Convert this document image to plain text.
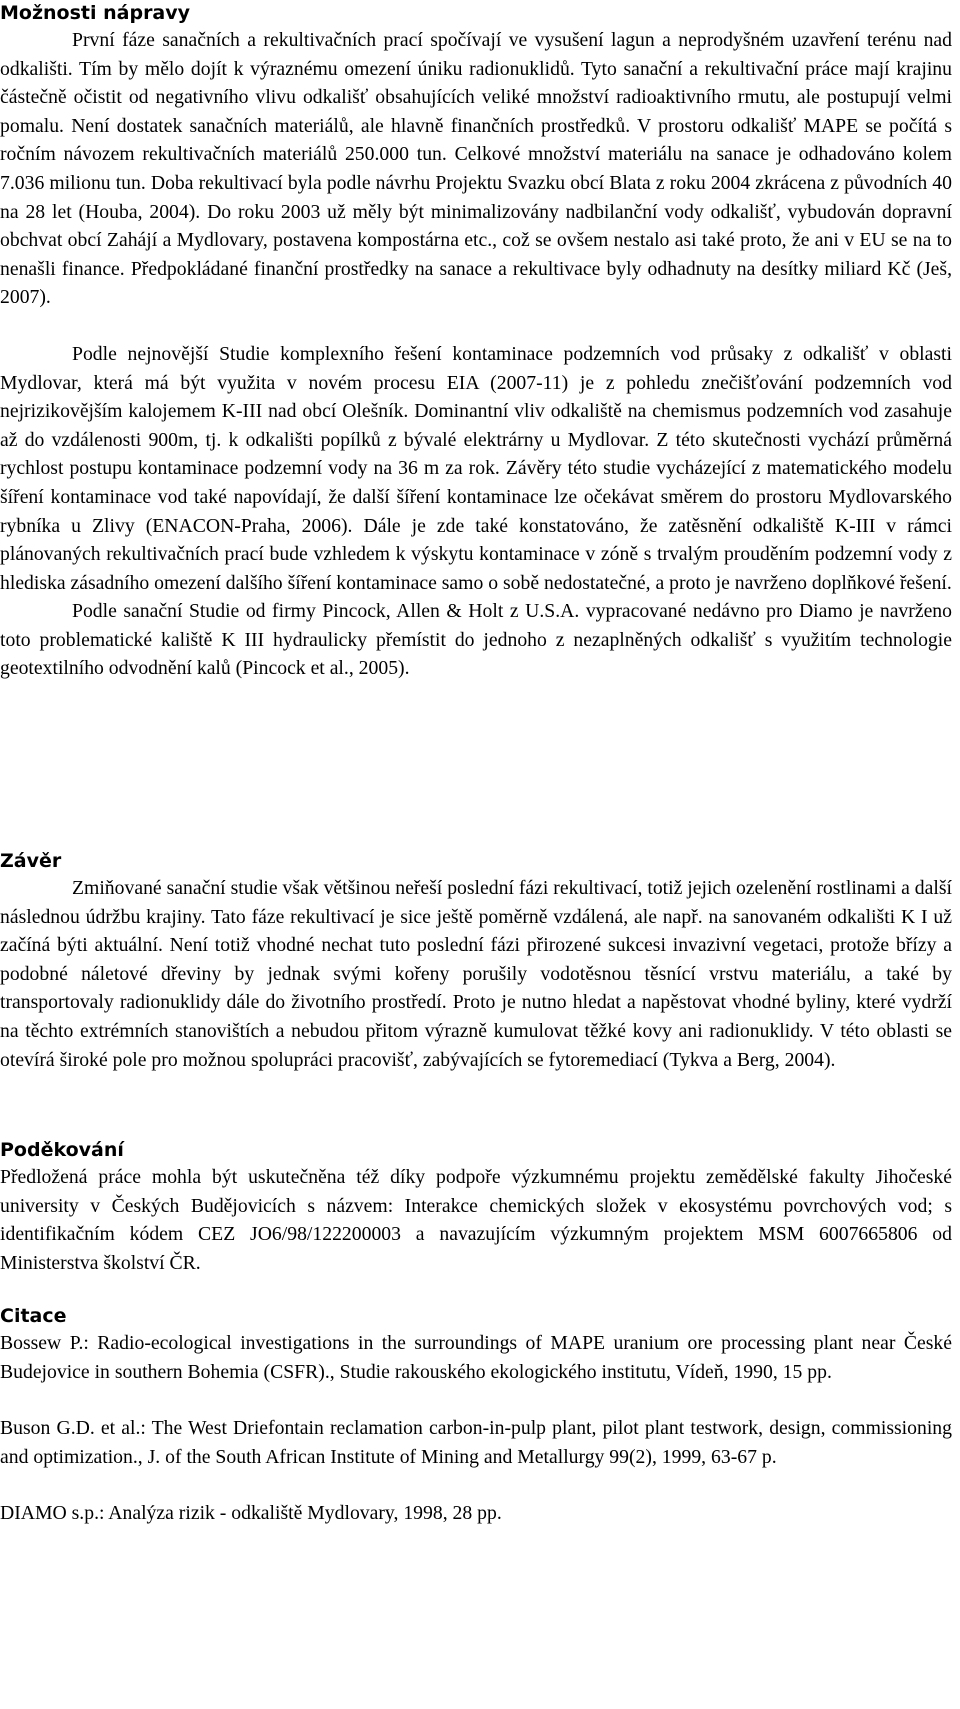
Možnosti nápravy

První fáze sanačních a rekultivačních prací spočívají ve vysušení lagun a neprodyšném uzavření terénu nad odkališti. Tím by mělo dojít k výraznému omezení úniku radionuklidů. Tyto sanační a rekultivační práce mají krajinu částečně očistit od negativního vlivu odkališť obsahujících veliké množství radioaktivního rmutu, ale postupují velmi pomalu. Není dostatek sanačních materiálů, ale hlavně finančních prostředků. V prostoru odkališť MAPE se počítá s ročním návozem rekultivačních materiálů 250.000 tun. Celkové množství materiálu na sanace je odhadováno kolem 7.036 milionu tun. Doba rekultivací byla podle návrhu Projektu Svazku obcí Blata z roku 2004 zkrácena z původních 40 na 28 let (Houba, 2004). Do roku 2003 už měly být minimalizovány nadbilanční vody odkališť, vybudován dopravní obchvat obcí Zahájí a Mydlovary, postavena kompostárna etc., což se ovšem nestalo asi také proto, že ani v EU se na to nenašli finance. Předpokládané finanční prostředky na sanace a rekultivace byly odhadnuty na desítky miliard Kč (Ješ, 2007).

Podle nejnovější Studie komplexního řešení kontaminace podzemních vod průsaky z odkališť v oblasti Mydlovar, která má být využita v novém procesu EIA (2007-11) je z pohledu znečišťování podzemních vod nejrizikovějším kalojemem K-III nad obcí Olešník. Dominantní vliv odkaliště na chemismus podzemních vod zasahuje až do vzdálenosti 900m, tj. k odkališti popílků z bývalé elektrárny u Mydlovar. Z této skutečnosti vychází průměrná rychlost postupu kontaminace podzemní vody na 36 m za rok. Závěry této studie vycházející z matematického modelu šíření kontaminace vod také napovídají, že další šíření kontaminace lze očekávat směrem do prostoru Mydlovarského rybníka u Zlivy (ENACON-Praha, 2006). Dále je zde také konstatováno, že zatěsnění odkaliště K-III v rámci plánovaných rekultivačních prací bude vzhledem k výskytu kontaminace v zóně s trvalým prouděním podzemní vody z hlediska zásadního omezení dalšího šíření kontaminace samo o sobě nedostatečné, a proto je navrženo doplňkové řešení.

Podle sanační Studie od firmy Pincock, Allen & Holt z U.S.A. vypracované nedávno pro Diamo je navrženo toto problematické kaliště K III hydraulicky přemístit do jednoho z nezaplněných odkališť s využitím technologie geotextilního odvodnění kalů (Pincock et al., 2005).

Závěr

Zmiňované sanační studie však většinou neřeší poslední fázi rekultivací, totiž jejich ozelenění rostlinami a další následnou údržbu krajiny. Tato fáze rekultivací je sice ještě poměrně vzdálená, ale např. na sanovaném odkališti K I už začíná býti aktuální. Není totiž vhodné nechat tuto poslední fázi přirozené sukcesi invazivní vegetaci, protože břízy a podobné náletové dřeviny by jednak svými kořeny porušily vodotěsnou těsnící vrstvu materiálu, a také by transportovaly radionuklidy dále do životního prostředí. Proto je nutno hledat a napěstovat vhodné byliny, které vydrží na těchto extrémních stanovištích a nebudou přitom výrazně kumulovat těžké kovy ani radionuklidy. V této oblasti se otevírá široké pole pro možnou spolupráci pracovišť, zabývajících se fytoremediací (Tykva a Berg, 2004).

Poděkování

Předložená práce mohla být uskutečněna též díky podpoře výzkumnému projektu zemědělské fakulty Jihočeské university v Českých Budějovicích s názvem: Interakce chemických složek v ekosystému povrchových vod; s identifikačním kódem CEZ JO6/98/122200003 a navazujícím výzkumným projektem MSM 6007665806 od Ministerstva školství ČR.

Citace

Bossew P.: Radio-ecological investigations in the surroundings of MAPE uranium ore processing plant near České Budejovice in southern Bohemia (CSFR)., Studie rakouského ekologického institutu, Vídeň, 1990, 15 pp.

Buson G.D. et al.: The West Driefontain reclamation carbon-in-pulp plant, pilot plant testwork, design, commissioning and optimization., J. of the South African Institute of Mining and Metallurgy 99(2), 1999, 63-67 p.

DIAMO s.p.: Analýza rizik - odkaliště Mydlovary, 1998, 28 pp.
